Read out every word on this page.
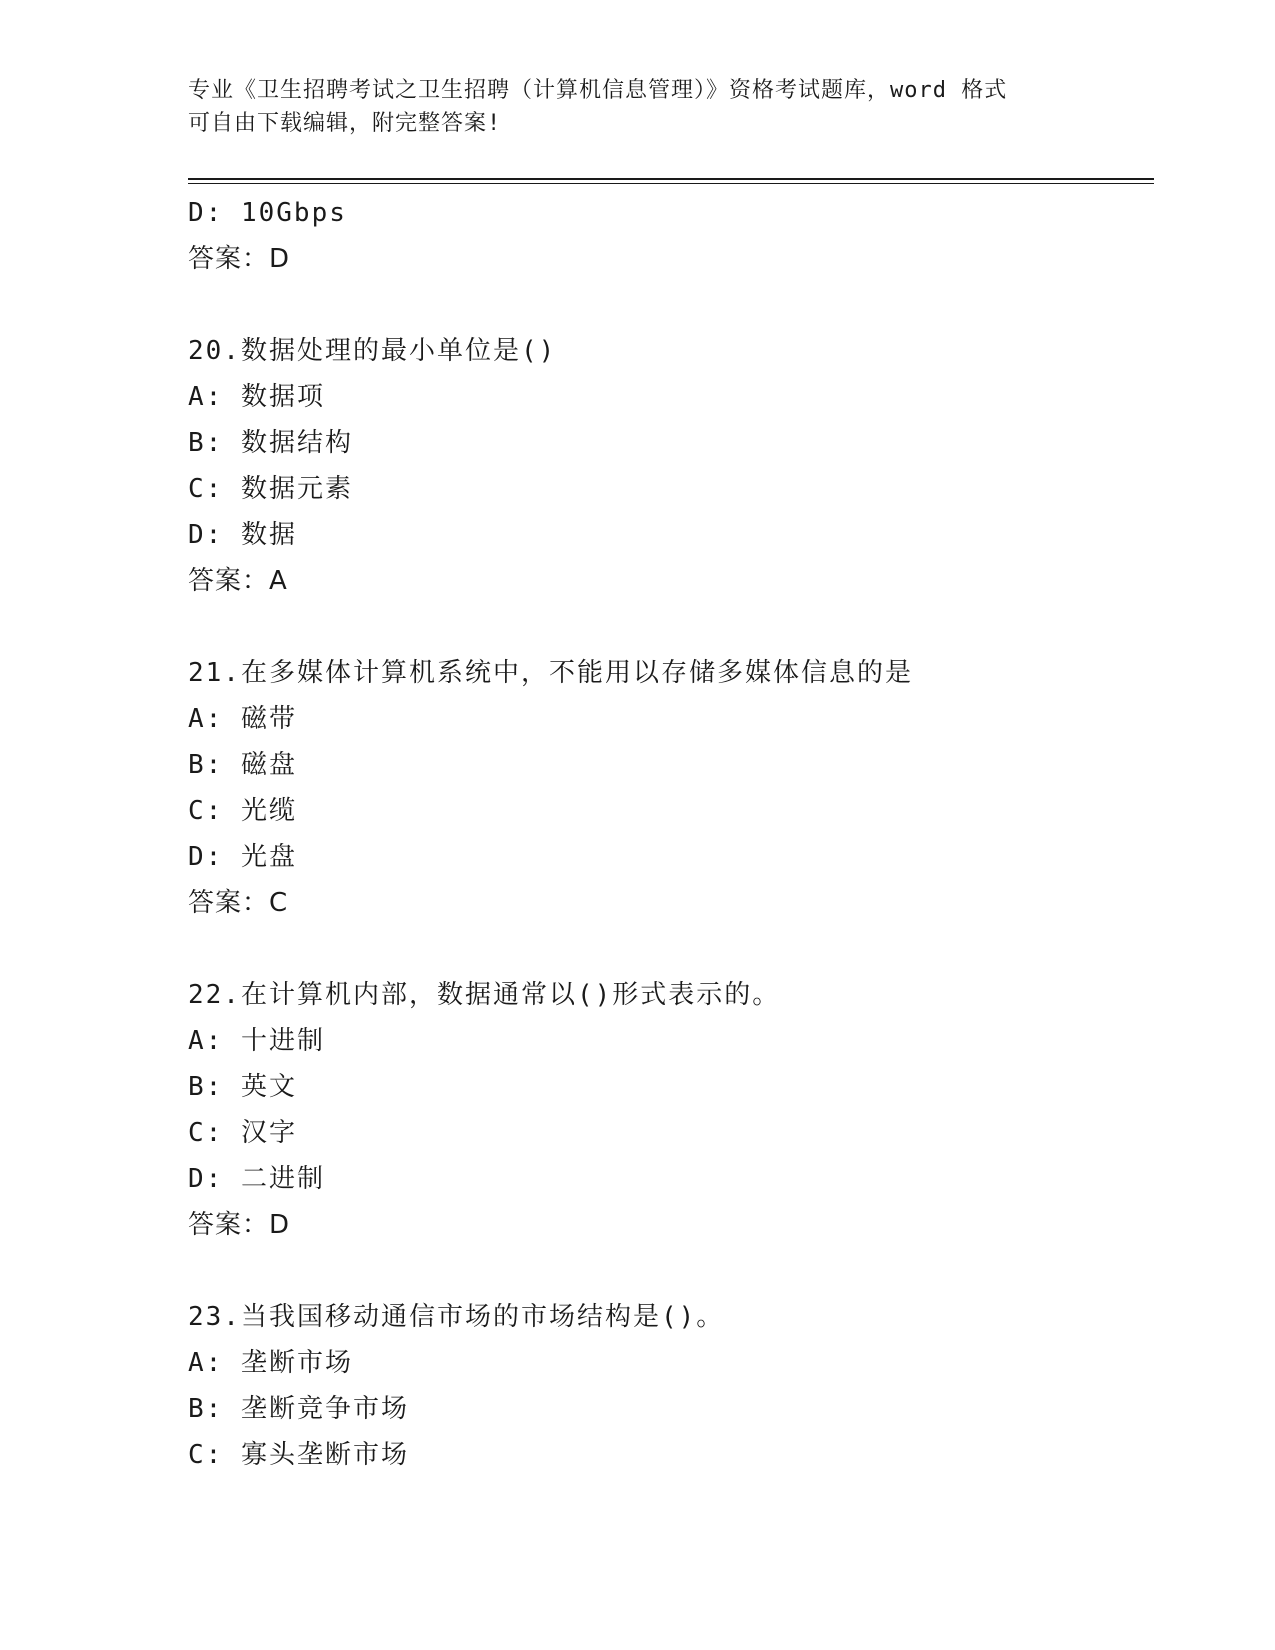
专业《卫生招聘考试之卫生招聘（计算机信息管理）》资格考试题库，word 格式
可自由下载编辑，附完整答案!
D: 10Gbps
答案：D
20.数据处理的最小单位是()
A: 数据项
B: 数据结构
C: 数据元素
D: 数据
答案：A
21.在多媒体计算机系统中，不能用以存储多媒体信息的是
A: 磁带
B: 磁盘
C: 光缆
D: 光盘
答案：C
22.在计算机内部，数据通常以()形式表示的。
A: 十进制
B: 英文
C: 汉字
D: 二进制
答案：D
23.当我国移动通信市场的市场结构是()。
A: 垄断市场
B: 垄断竞争市场
C: 寡头垄断市场
